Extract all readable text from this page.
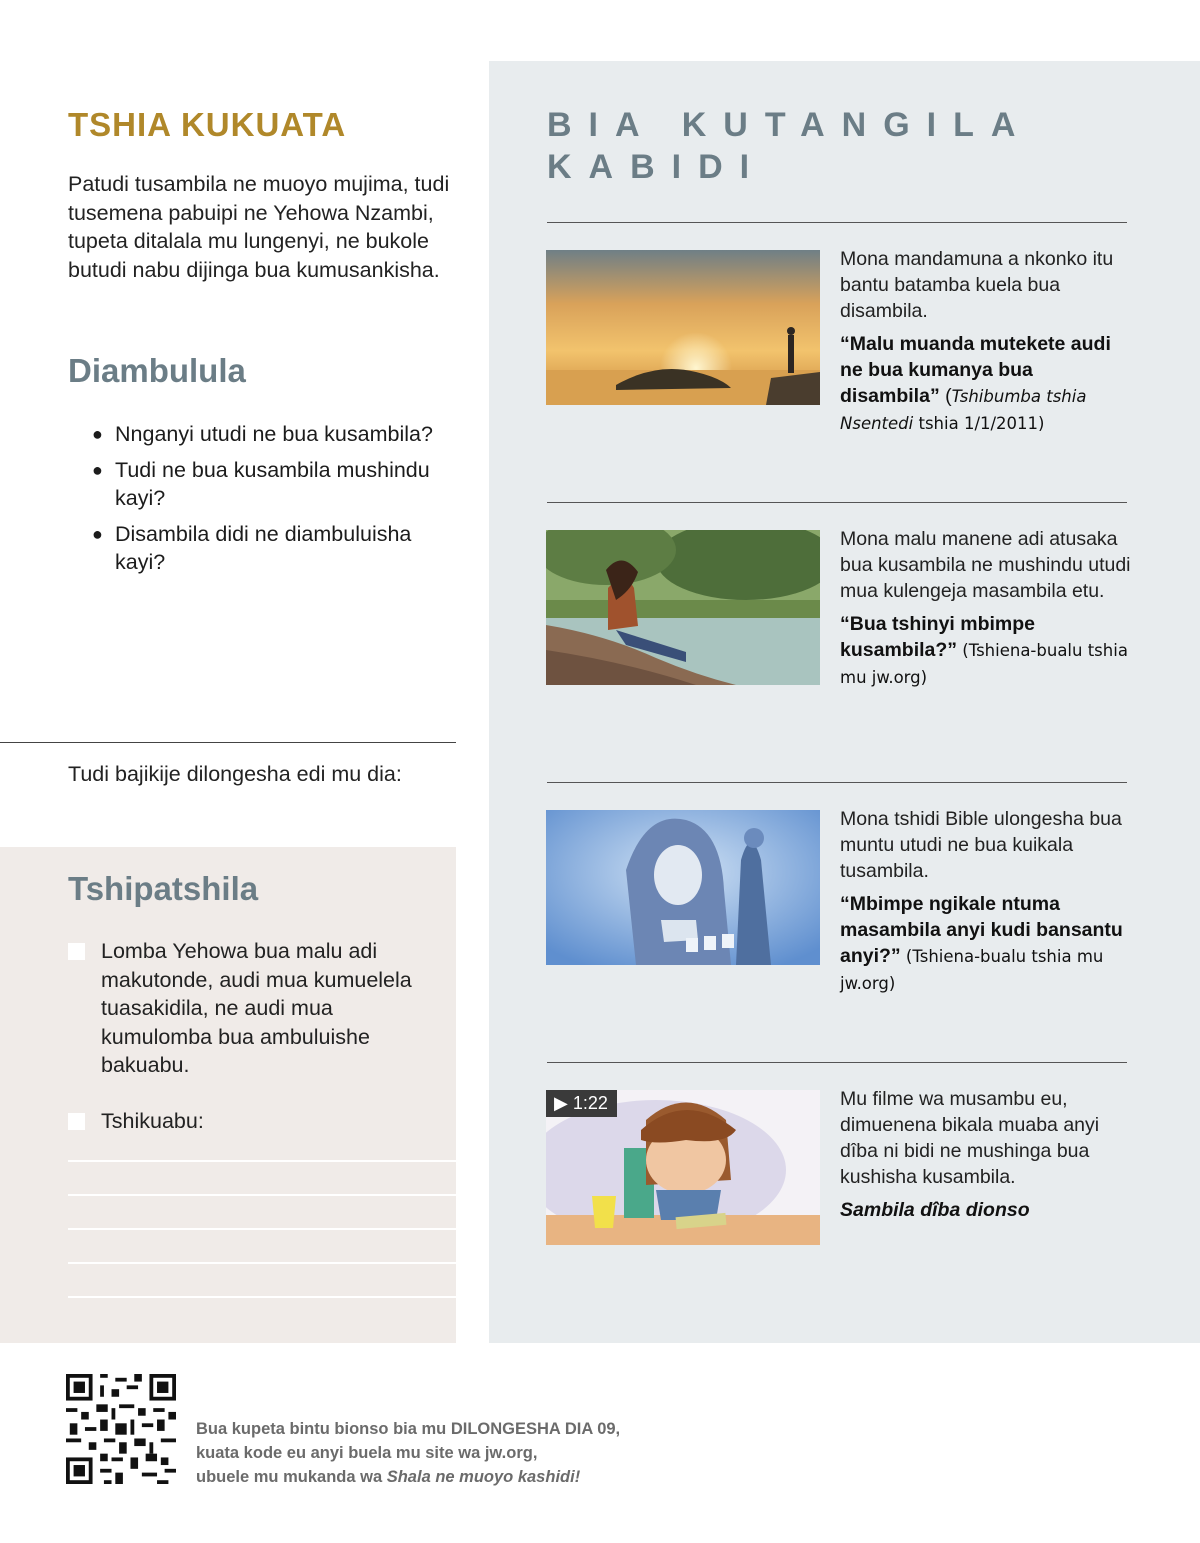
TSHIA KUKUATA

Patudi tusambila ne muoyo mujima, tudi tusemena pabuipi ne Yehowa Nzambi, tupeta ditalala mu lungenyi, ne bukole butudi nabu dijinga bua kumusankisha.

Diambulula
● Nnganyi utudi ne bua kusambila?
● Tudi ne bua kusambila mushindu kayi?
● Disambila didi ne diambuluisha kayi?
Tudi bajikije dilongesha edi mu dia:
Tshipatshila
Lomba Yehowa bua malu adi makutonde, audi mua kumuelela tuasakidila, ne audi mua kumulomba bua ambuluishe bakuabu.
Tshikuabu:
BIA KUTANGILA KABIDI

Mona mandamuna a nkonko itu bantu batamba kuela bua disambila.

“Malu muanda mutekete audi ne bua kumanya bua disambila” (Tshibumba tshia Nsentedi tshia 1/1/2011)

Mona malu manene adi atusaka bua kusambila ne mushindu utudi mua kulengeja masambila etu.

“Bua tshinyi mbimpe kusambila?” (Tshiena-bualu tshia mu jw.org)

Mona tshidi Bible ulongesha bua muntu utudi ne bua kuikala tusambila.

“Mbimpe ngikale ntuma masambila anyi kudi bansantu anyi?” (Tshiena-bualu tshia mu jw.org)

▶ 1:22	Mu filme wa musambu eu, dimuenena bikala muaba anyi dîba ni bidi ne mushinga bua kushisha kusambila.

Sambila dîba dionso

Bua kupeta bintu bionso bia mu DILONGESHA DIA 09,
kuata kode eu anyi buela mu site wa jw.org,
ubuele mu mukanda wa Shala ne muoyo kashidi!
